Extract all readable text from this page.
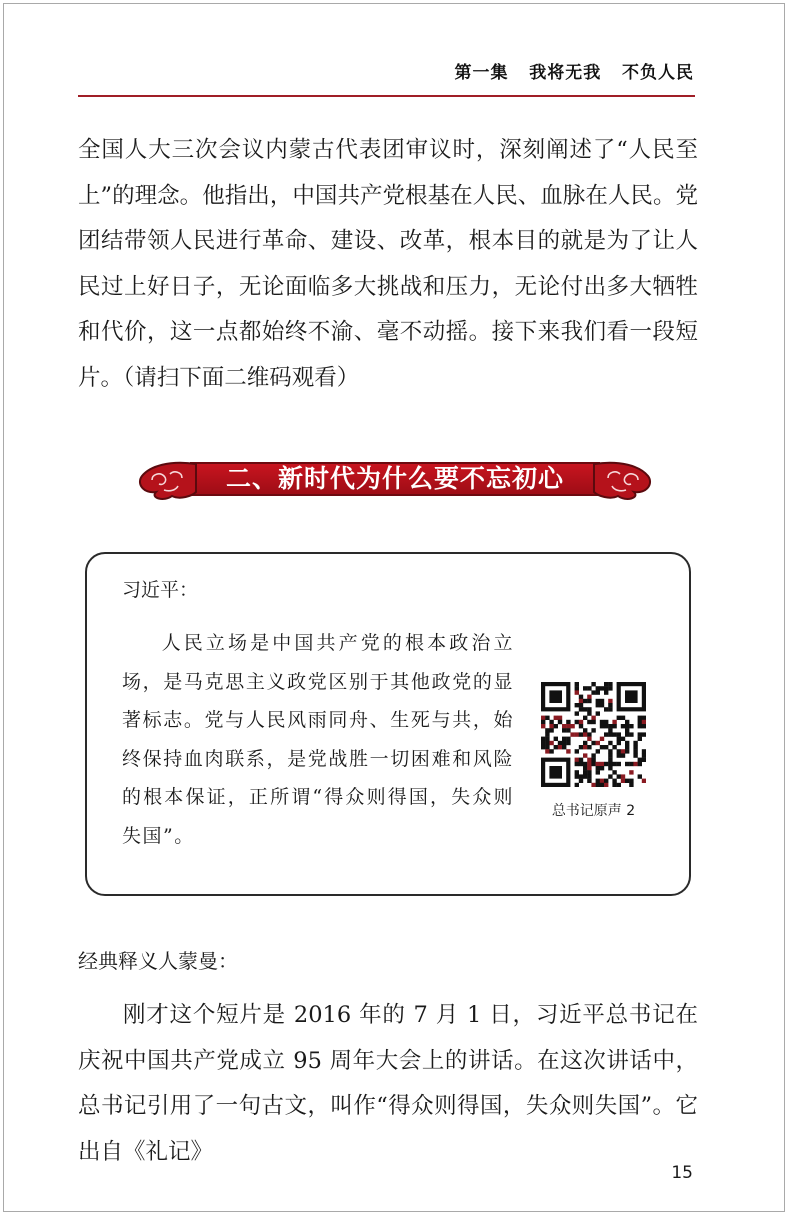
第一集 我将无我 不负人民

全国人大三次会议内蒙古代表团审议时，深刻阐述了“人民至上”的理念。他指出，中国共产党根基在人民、血脉在人民。党团结带领人民进行革命、建设、改革，根本目的就是为了让人民过上好日子，无论面临多大挑战和压力，无论付出多大牺牲和代价，这一点都始终不渝、毫不动摇。接下来我们看一段短片。（请扫下面二维码观看）

二、新时代为什么要不忘初心
习近平：

人民立场是中国共产党的根本政治立场，是马克思主义政党区别于其他政党的显著标志。党与人民风雨同舟、生死与共，始终保持血肉联系，是党战胜一切困难和风险的根本保证，正所谓“得众则得国，失众则失国”。

总书记原声 2
经典释义人蒙曼：

刚才这个短片是 2016 年的 7 月 1 日，习近平总书记在庆祝中国共产党成立 95 周年大会上的讲话。在这次讲话中，总书记引用了一句古文，叫作“得众则得国，失众则失国”。它出自《礼记》

15
